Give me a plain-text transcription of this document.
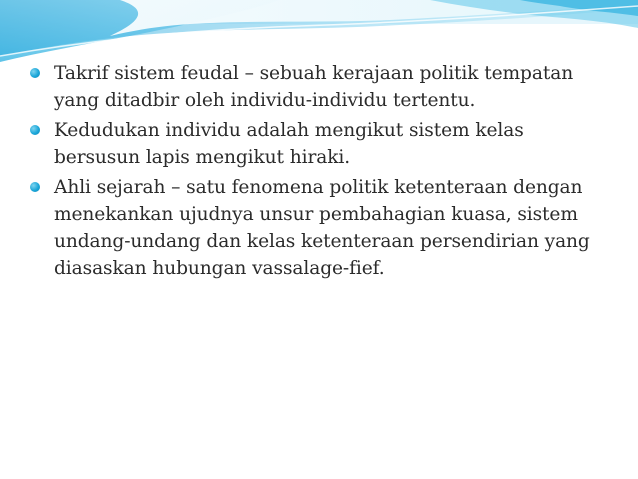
Takrif sistem feudal – sebuah kerajaan politik tempatan yang ditadbir oleh individu-individu tertentu.
Kedudukan individu adalah mengikut sistem kelas bersusun lapis mengikut hiraki.
Ahli sejarah – satu fenomena politik ketenteraan dengan menekankan ujudnya unsur pembahagian kuasa, sistem undang-undang dan kelas ketenteraan persendirian yang diasaskan hubungan vassalage-fief.
